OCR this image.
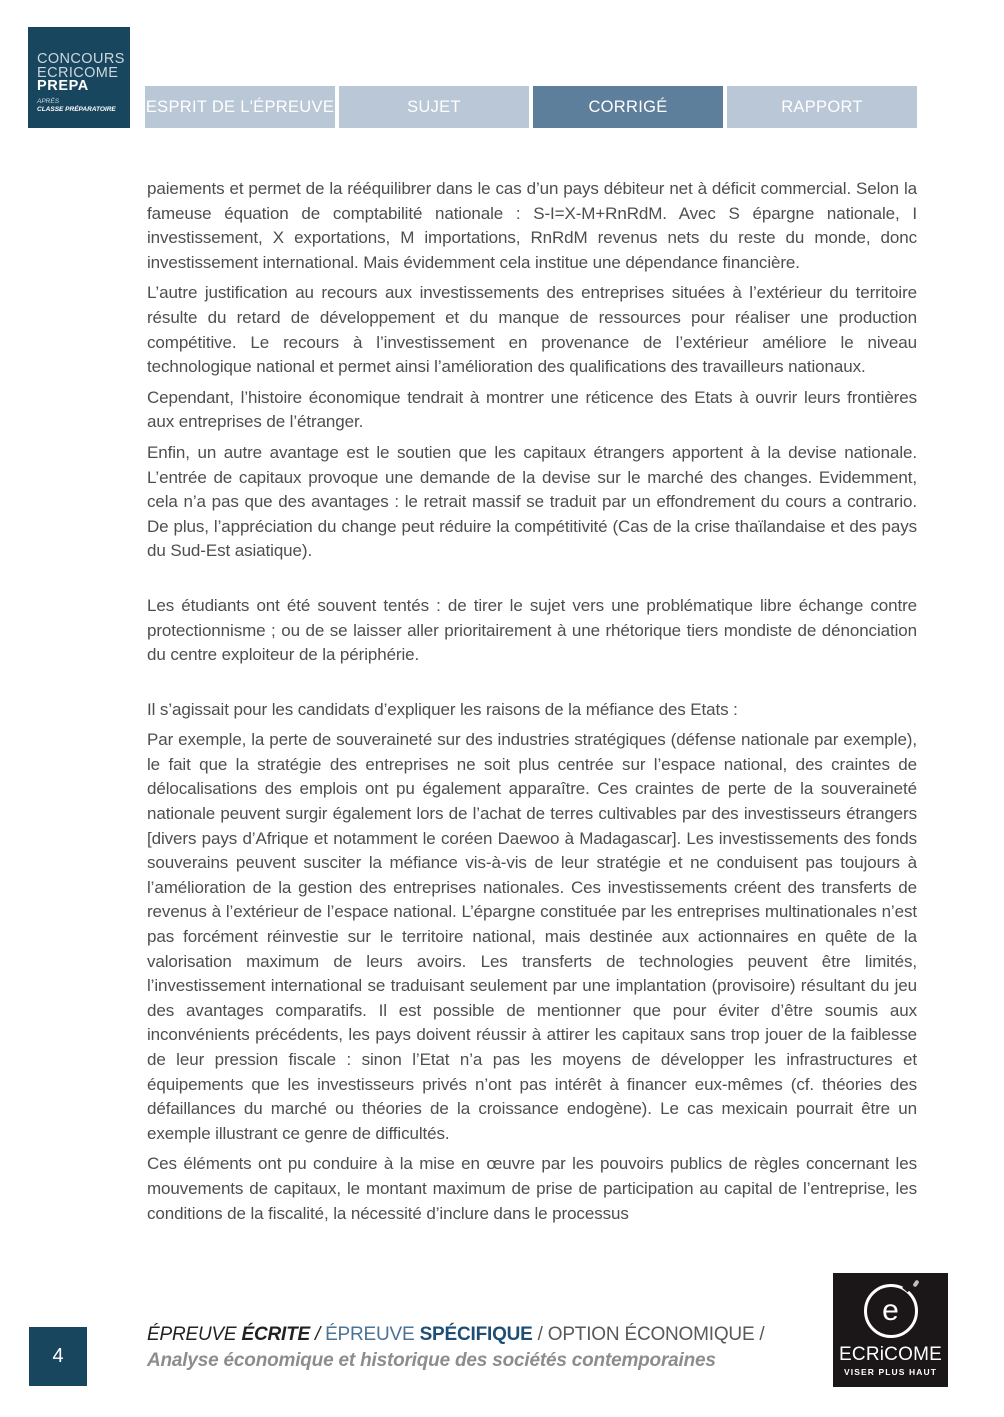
CONCOURS
ECRICOME
PREPA
APRÈS
CLASSE PRÉPARATOIRE	ESPRIT DE L'ÉPREUVE	SUJET	CORRIGÉ	RAPPORT

paiements et permet de la rééquilibrer dans le cas d’un pays débiteur net à déficit commercial. Selon la fameuse équation de comptabilité nationale : S-I=X-M+RnRdM. Avec S épargne nationale, I investissement, X exportations, M importations, RnRdM revenus nets du reste du monde, donc investissement international. Mais évidemment cela institue une dépendance financière.

L’autre justification au recours aux investissements des entreprises situées à l’extérieur du territoire résulte du retard de développement et du manque de ressources pour réaliser une production compétitive. Le recours à l’investissement en provenance de l’extérieur améliore le niveau technologique national et permet ainsi l’amélioration des qualifications des travailleurs nationaux.

Cependant, l’histoire économique tendrait à montrer une réticence des Etats à ouvrir leurs frontières aux entreprises de l’étranger.

Enfin, un autre avantage est le soutien que les capitaux étrangers apportent à la devise nationale. L’entrée de capitaux provoque une demande de la devise sur le marché des changes. Evidemment, cela n’a pas que des avantages : le retrait massif se traduit par un effondrement du cours a contrario. De plus, l’appréciation du change peut réduire la compétitivité (Cas de la crise thaïlandaise et des pays du Sud-Est asiatique).

Les étudiants ont été souvent tentés : de tirer le sujet vers une problématique libre échange contre protectionnisme ; ou de se laisser aller prioritairement à une rhétorique tiers mondiste de dénonciation du centre exploiteur de la périphérie.

Il s’agissait pour les candidats d’expliquer les raisons de la méfiance des Etats :

Par exemple, la perte de souveraineté sur des industries stratégiques (défense nationale par exemple), le fait que la stratégie des entreprises ne soit plus centrée sur l’espace national, des craintes de délocalisations des emplois ont pu également apparaître. Ces craintes de perte de la souveraineté nationale peuvent surgir également lors de l’achat de terres cultivables par des investisseurs étrangers [divers pays d’Afrique et notamment le coréen Daewoo à Madagascar]. Les investissements des fonds souverains peuvent susciter la méfiance vis-à-vis de leur stratégie et ne conduisent pas toujours à l’amélioration de la gestion des entreprises nationales. Ces investissements créent des transferts de revenus à l’extérieur de l’espace national. L’épargne constituée par les entreprises multinationales n’est pas forcément réinvestie sur le territoire national, mais destinée aux actionnaires en quête de la valorisation maximum de leurs avoirs. Les transferts de technologies peuvent être limités, l’investissement international se traduisant seulement par une implantation (provisoire) résultant du jeu des avantages comparatifs. Il est possible de mentionner que pour éviter d’être soumis aux inconvénients précédents, les pays doivent réussir à attirer les capitaux sans trop jouer de la faiblesse de leur pression fiscale : sinon l’Etat n’a pas les moyens de développer les infrastructures et équipements que les investisseurs privés n’ont pas intérêt à financer eux-mêmes (cf. théories des défaillances du marché ou théories de la croissance endogène). Le cas mexicain pourrait être un exemple illustrant ce genre de difficultés.

Ces éléments ont pu conduire à la mise en œuvre par les pouvoirs publics de règles concernant les mouvements de capitaux, le montant maximum de prise de participation au capital de l’entreprise, les conditions de la fiscalité, la nécessité d’inclure dans le processus

4
ÉPREUVE ÉCRITE / ÉPREUVE SPÉCIFIQUE / OPTION ÉCONOMIQUE /
Analyse économique et historique des sociétés contemporaines
e
ECRiCOME
VISER PLUS HAUT
